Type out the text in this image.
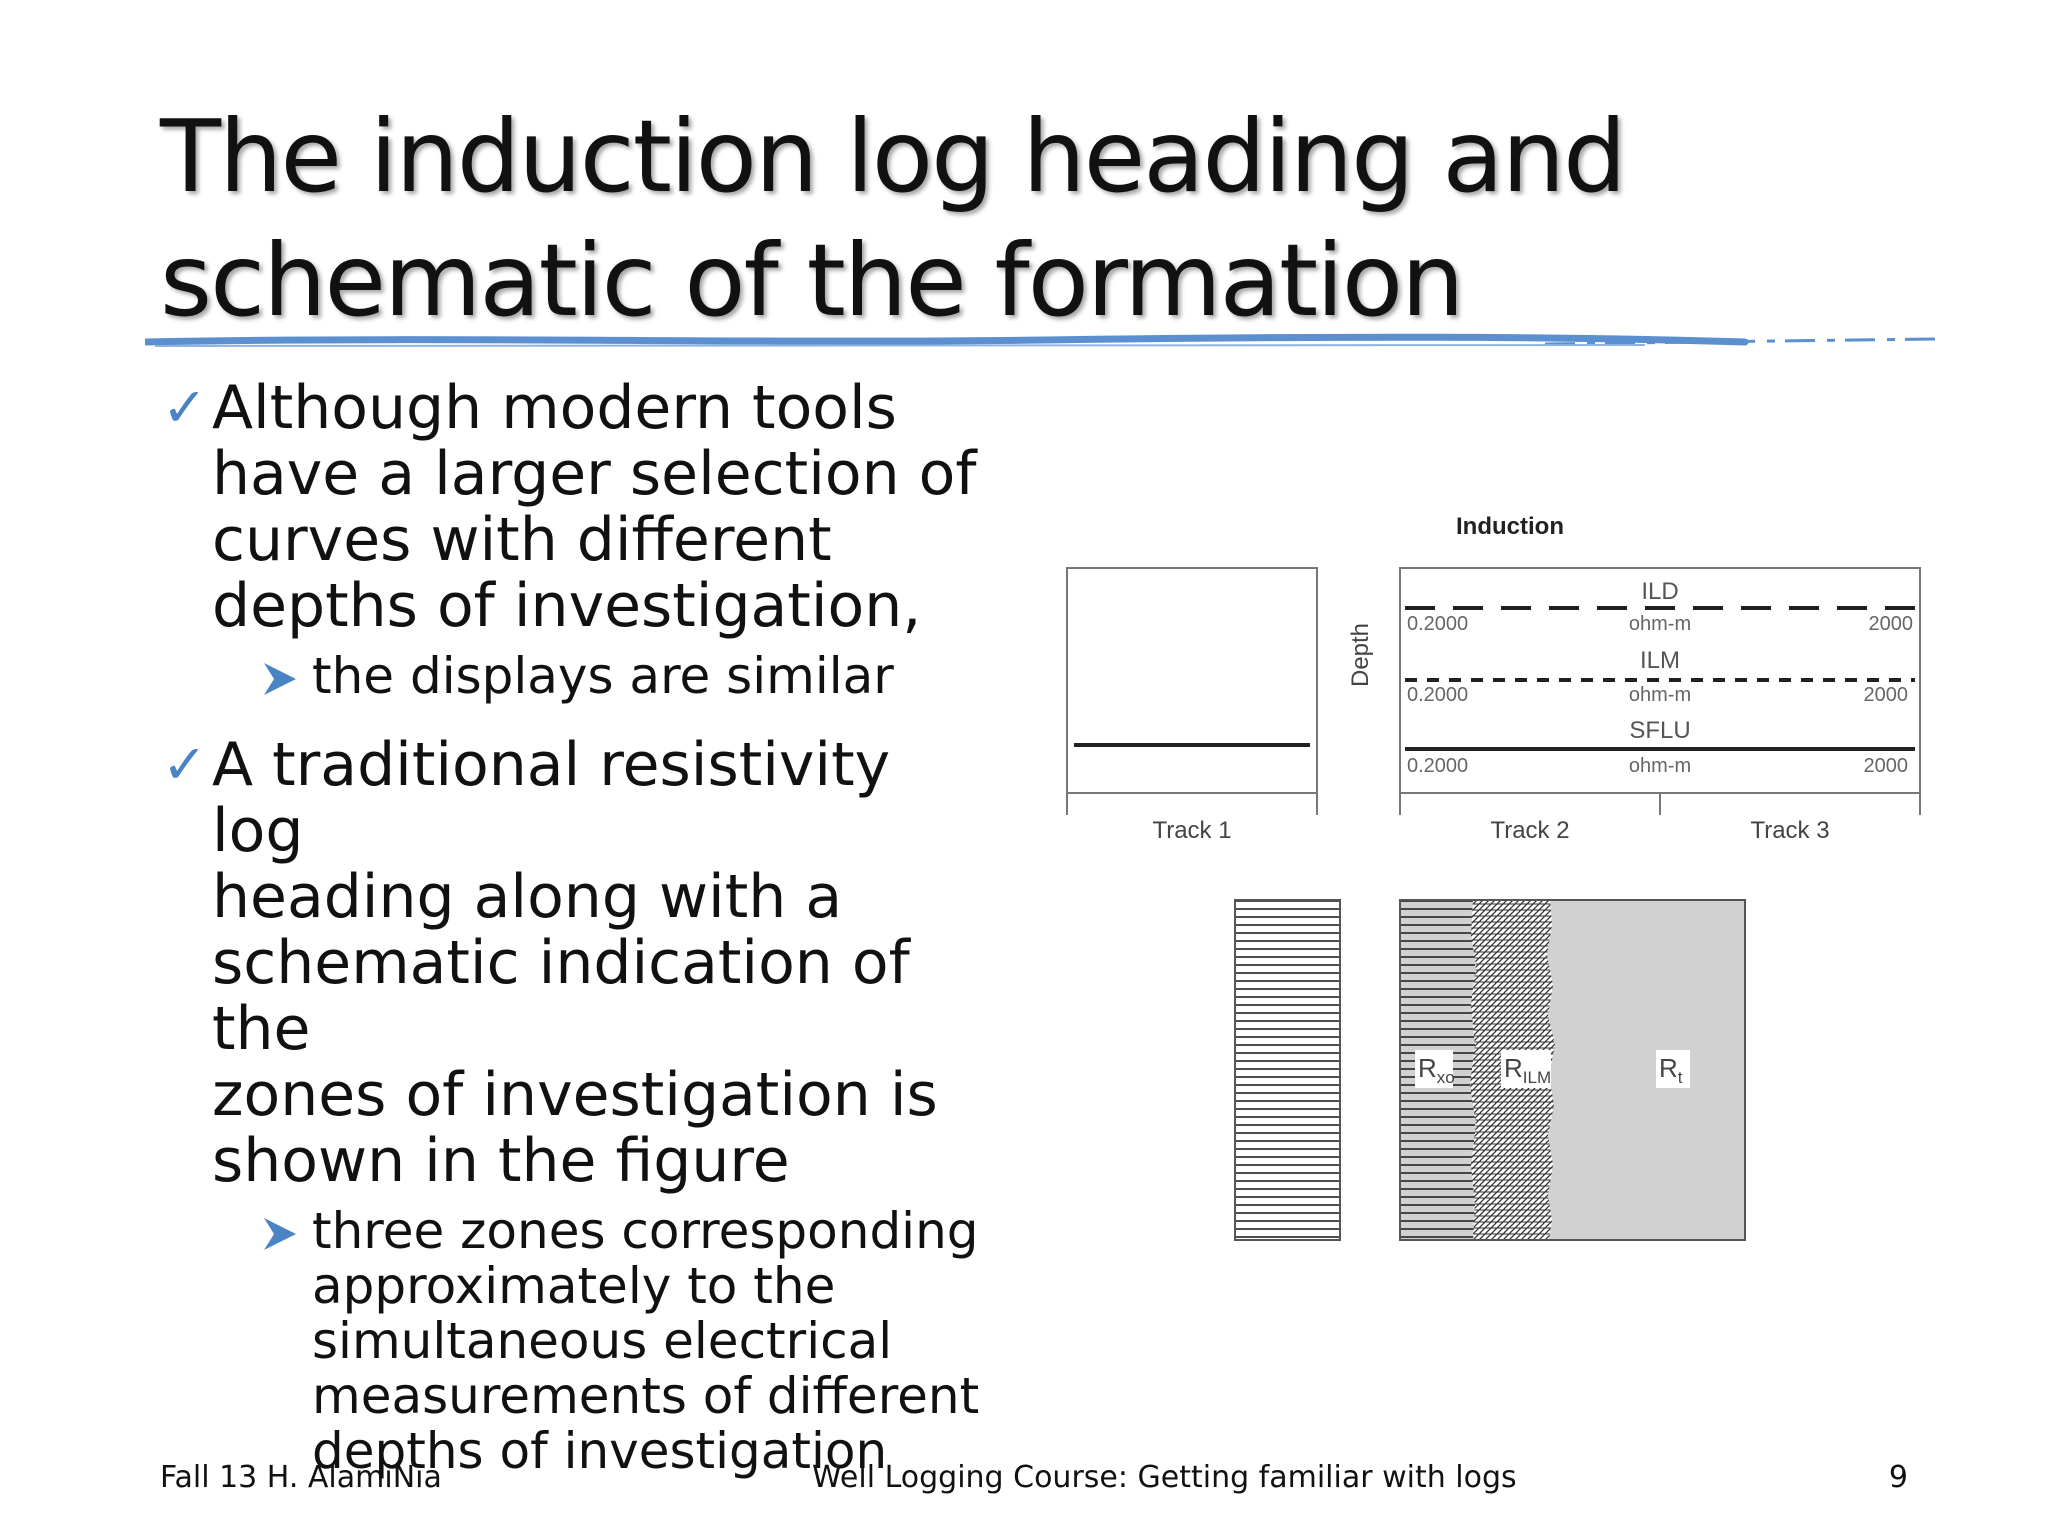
The induction log heading and
schematic of the formation
✓ Although modern tools
have a larger selection of
curves with different
depths of investigation,
the displays are similar
✓ A traditional resistivity log
heading along with a
schematic indication of the
zones of investigation is
shown in the figure
three zones corresponding
approximately to the
simultaneous electrical
measurements of different
depths of investigation
Induction
Depth
ILD
0.2000	ohm-m	2000
ILM
0.2000	ohm-m	2000
SFLU
0.2000	ohm-m	2000
Track 1	Track 2	Track 3
$R_{xo}$ $R_{ILM}$	$R_t$
Fall 13 H. AlamiNia	Well Logging Course: Getting familiar with logs	9
